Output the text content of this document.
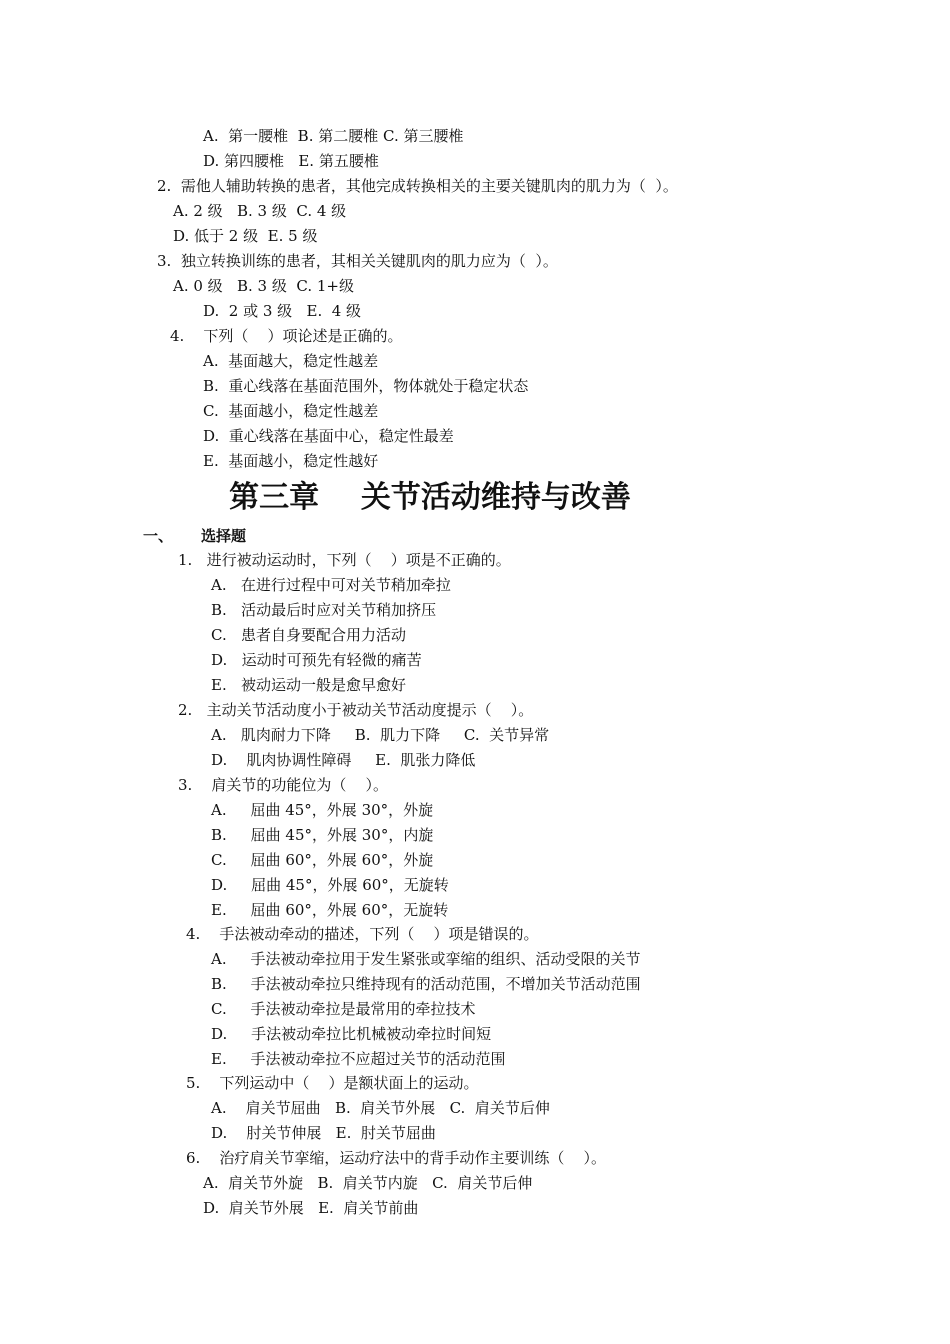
A.  第一腰椎  B. 第二腰椎 C. 第三腰椎
D. 第四腰椎   E. 第五腰椎
2.  需他人辅助转换的患者，其他完成转换相关的主要关键肌肉的肌力为（  ）。
A. 2 级   B. 3 级  C. 4 级
D. 低于 2 级  E. 5 级
3.  独立转换训练的患者，其相关关键肌肉的肌力应为（  ）。
A. 0 级   B. 3 级  C. 1+级
D.  2 或 3 级   E.  4 级
4.    下列（    ）项论述是正确的。
A.  基面越大，稳定性越差
B.  重心线落在基面范围外，物体就处于稳定状态
C.  基面越小，稳定性越差
D.  重心线落在基面中心，稳定性最差
E.  基面越小，稳定性越好
第三章    关节活动维持与改善
一、 选择题
1.   进行被动运动时，下列（    ）项是不正确的。
A.   在进行过程中可对关节稍加牵拉
B.   活动最后时应对关节稍加挤压
C.   患者自身要配合用力活动
D.   运动时可预先有轻微的痛苦
E.   被动运动一般是愈早愈好
2.   主动关节活动度小于被动关节活动度提示（    ）。
A.   肌肉耐力下降     B.  肌力下降     C.  关节异常
D.    肌肉协调性障碍     E.  肌张力降低
3.    肩关节的功能位为（    ）。
A.     屈曲 45°，外展 30°，外旋
B.     屈曲 45°，外展 30°，内旋
C.     屈曲 60°，外展 60°，外旋
D.     屈曲 45°，外展 60°，无旋转
E.     屈曲 60°，外展 60°，无旋转
4.    手法被动牵动的描述，下列（    ）项是错误的。
A.     手法被动牵拉用于发生紧张或挛缩的组织、活动受限的关节
B.     手法被动牵拉只维持现有的活动范围，不增加关节活动范围
C.     手法被动牵拉是最常用的牵拉技术
D.     手法被动牵拉比机械被动牵拉时间短
E.     手法被动牵拉不应超过关节的活动范围
5.    下列运动中（    ）是额状面上的运动。
A.    肩关节屈曲   B.  肩关节外展   C.  肩关节后伸
D.    肘关节伸展   E.  肘关节屈曲
6.    治疗肩关节挛缩，运动疗法中的背手动作主要训练（    ）。
A.  肩关节外旋   B.  肩关节内旋   C.  肩关节后伸
D.  肩关节外展   E.  肩关节前曲
